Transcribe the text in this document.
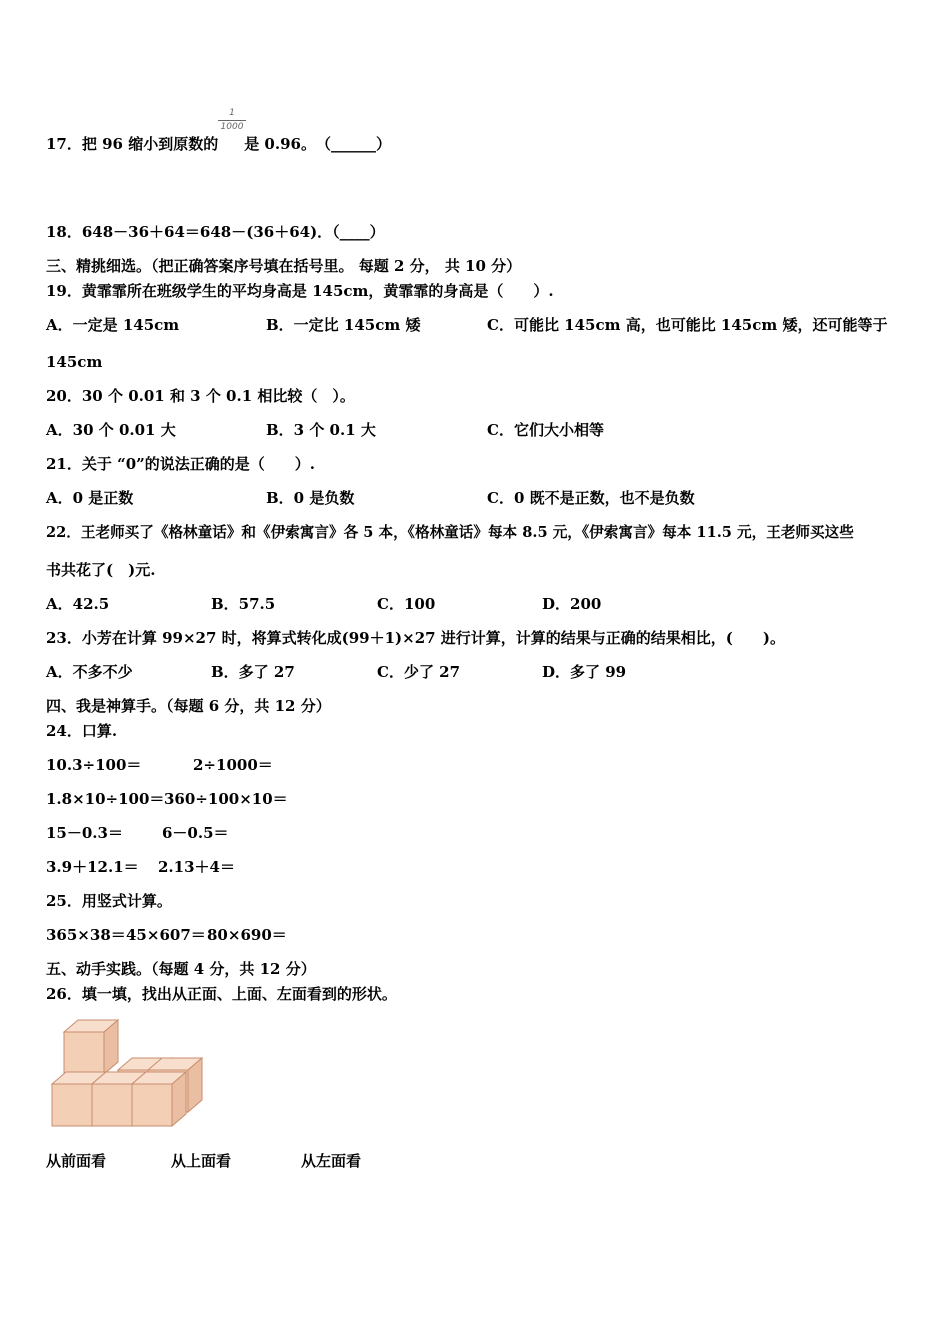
17．把 96 缩小到原数的 是 0.96。　（______）
1
1000
18．648－36＋64＝648－(36＋64)．（____）
三、精挑细选。（把正确答案序号填在括号里。 每题 2 分， 共 10 分）
19．黄霏霏所在班级学生的平均身高是 145cm，黄霏霏的身高是（　　）.
A．一定是 145cm	B．一定比 145cm 矮	C．可能比 145cm 高，也可能比 145cm 矮，还可能等于
145cm
20．30 个 0.01 和 3 个 0.1 相比较（　）。
A．30 个 0.01 大	B．3 个 0.1 大	C．它们大小相等
21．关于 “0”的说法正确的是（　　）.
A．0 是正数	B．0 是负数	C．0 既不是正数，也不是负数
22．王老师买了《格林童话》和《伊索寓言》各 5 本，《格林童话》每本 8.5 元，《伊索寓言》每本 11.5 元，王老师买这些
书共花了(　)元.
A．42.5	B．57.5	C．100	D．200
23．小芳在计算 99×27 时，将算式转化成(99＋1)×27 进行计算，计算的结果与正确的结果相比，(　　)。
A．不多不少	B．多了 27	C．少了 27	D．多了 99
四、我是神算手。（每题 6 分，共 12 分）
24．口算.
10.3÷100＝	2÷1000＝
1.8×10÷100＝ 360÷100×10＝
15－0.3＝	6－0.5＝
3.9＋12.1＝ 2.13＋4＝
25．用竖式计算。
365×38＝ 45×607＝ 80×690＝
五、动手实践。（每题 4 分，共 12 分）
26．填一填，找出从正面、上面、左面看到的形状。
从前面看	从上面看	从左面看
